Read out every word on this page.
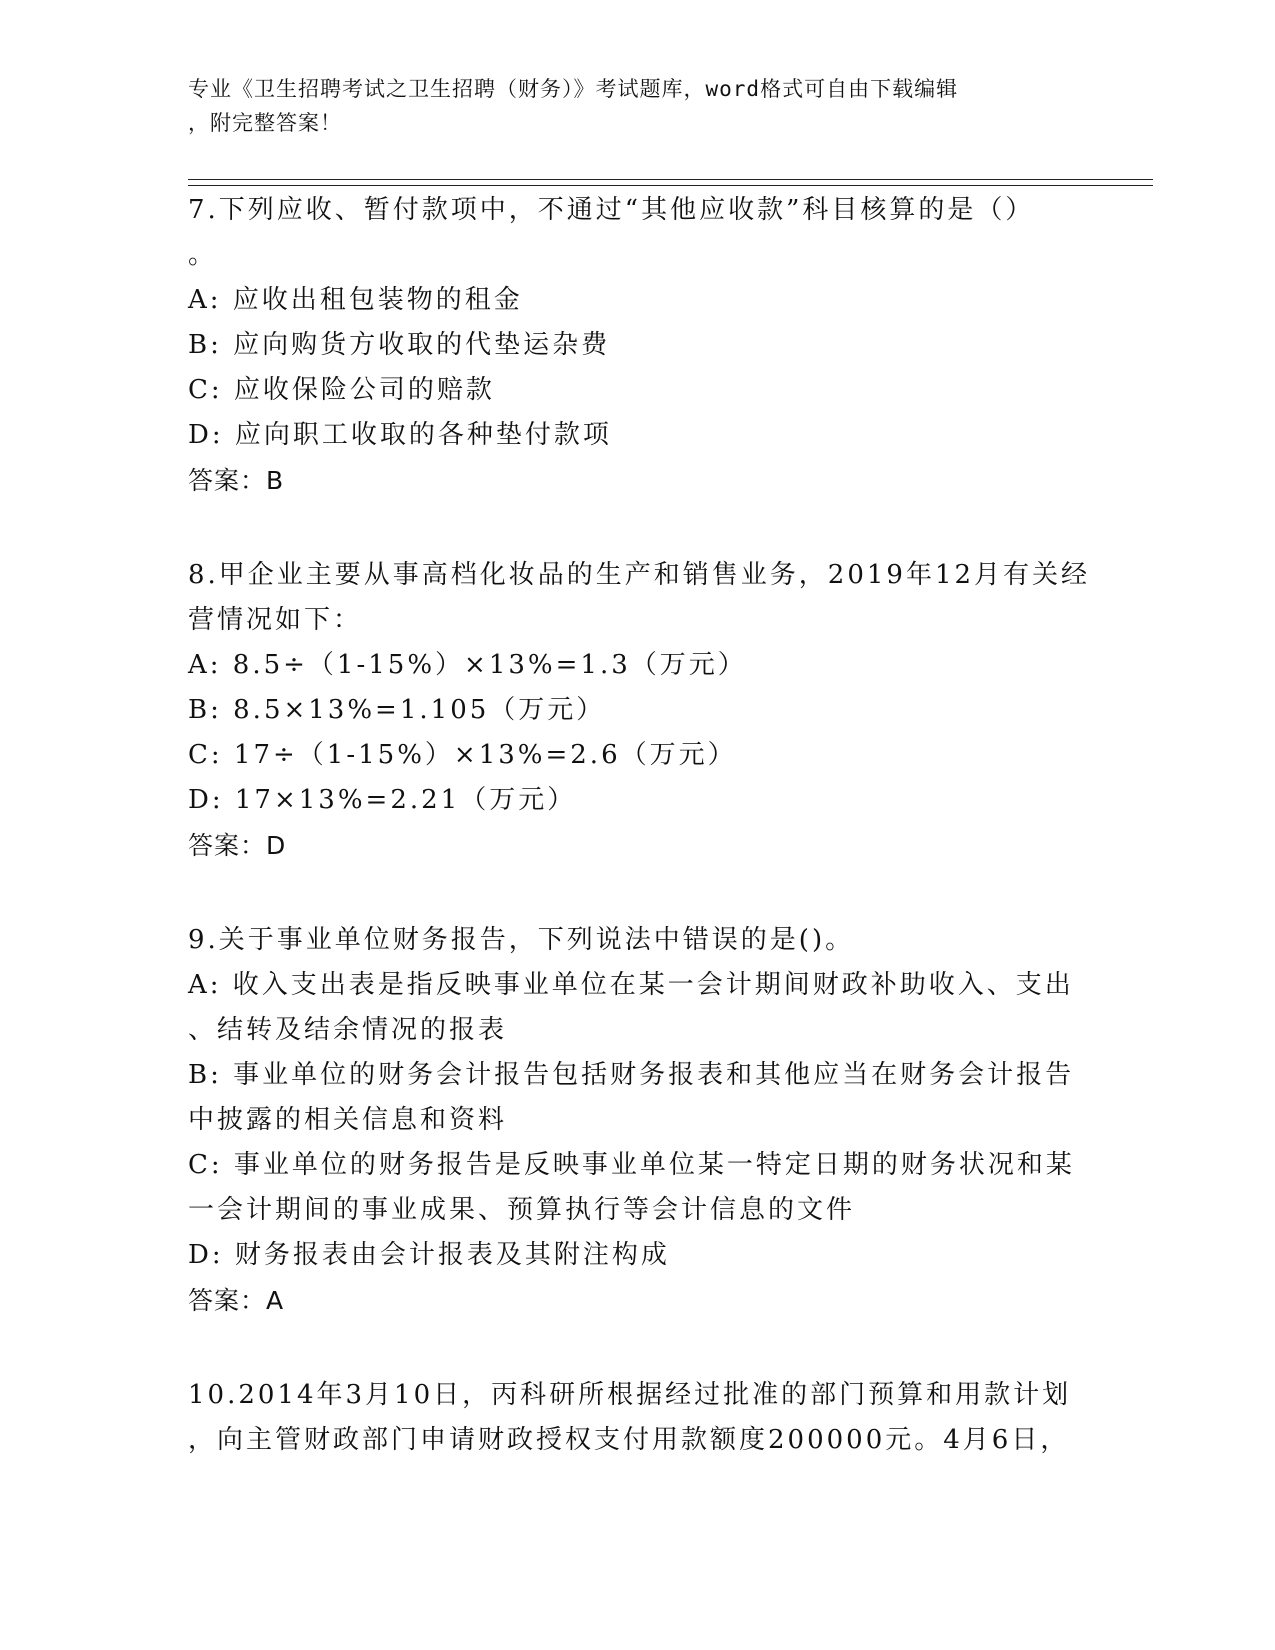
专业《卫生招聘考试之卫生招聘（财务）》考试题库，word格式可自由下载编辑
，附完整答案！
7.下列应收、暂付款项中，不通过“其他应收款”科目核算的是（）
。
A: 应收出租包装物的租金
B: 应向购货方收取的代垫运杂费
C: 应收保险公司的赔款
D: 应向职工收取的各种垫付款项
答案：B
8.甲企业主要从事高档化妆品的生产和销售业务，2019年12月有关经
营情况如下：
A: 8.5÷（1-15%）×13%=1.3（万元）
B: 8.5×13%=1.105（万元）
C: 17÷（1-15%）×13%=2.6（万元）
D: 17×13%=2.21（万元）
答案：D
9.关于事业单位财务报告，下列说法中错误的是()。
A: 收入支出表是指反映事业单位在某一会计期间财政补助收入、支出
、结转及结余情况的报表
B: 事业单位的财务会计报告包括财务报表和其他应当在财务会计报告
中披露的相关信息和资料
C: 事业单位的财务报告是反映事业单位某一特定日期的财务状况和某
一会计期间的事业成果、预算执行等会计信息的文件
D: 财务报表由会计报表及其附注构成
答案：A
10.2014年3月10日，丙科研所根据经过批准的部门预算和用款计划
，向主管财政部门申请财政授权支付用款额度200000元。4月6日，
